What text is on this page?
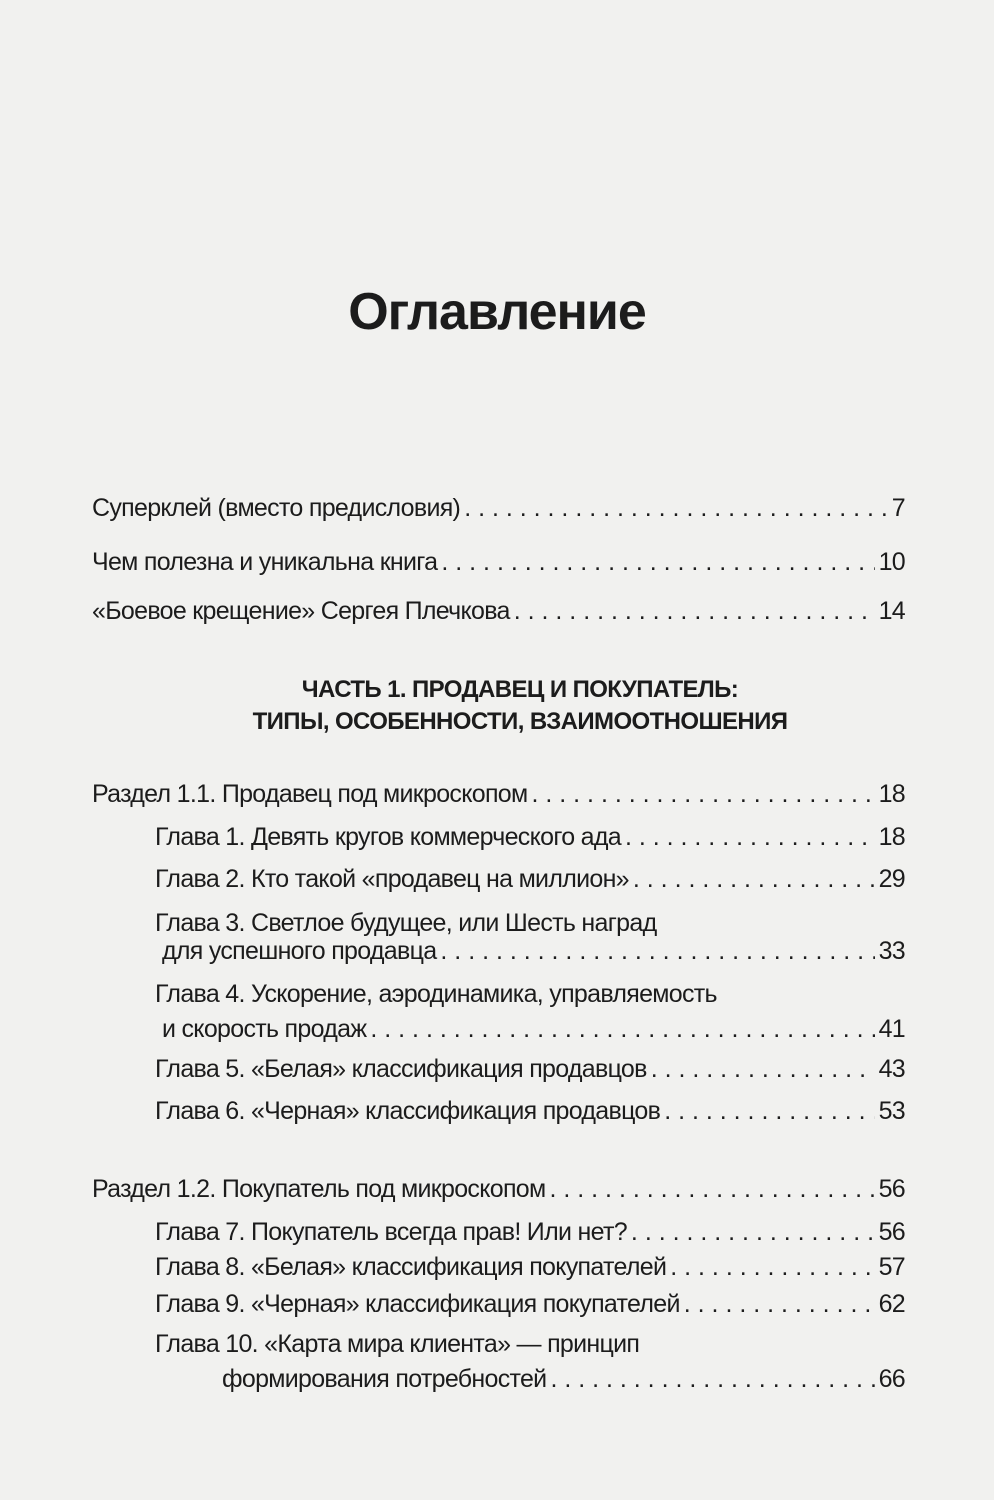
Оглавление
Суперклей (вместо предисловия) . . .	7
Чем полезна и уникальна книга . . .	10
«Боевое крещение» Сергея Плечкова . . .	14
ЧАСТЬ 1. ПРОДАВЕЦ И ПОКУПАТЕЛЬ:
ТИПЫ, ОСОБЕННОСТИ, ВЗАИМООТНОШЕНИЯ
Раздел 1.1. Продавец под микроскопом . . .	18
Глава 1. Девять кругов коммерческого ада . . .	18
Глава 2. Кто такой «продавец на миллион» . . .	29
Глава 3. Светлое будущее, или Шесть наград
для успешного продавца . . .	33
Глава 4. Ускорение, аэродинамика, управляемость
и скорость продаж . . .	41
Глава 5. «Белая» классификация продавцов . . .	43
Глава 6. «Черная» классификация продавцов . . .	53
Раздел 1.2. Покупатель под микроскопом . . .	56
Глава 7. Покупатель всегда прав! Или нет? . . .	56
Глава 8. «Белая» классификация покупателей . . .	57
Глава 9. «Черная» классификация покупателей . . .	62
Глава 10. «Карта мира клиента» — принцип
формирования потребностей . . .	66
